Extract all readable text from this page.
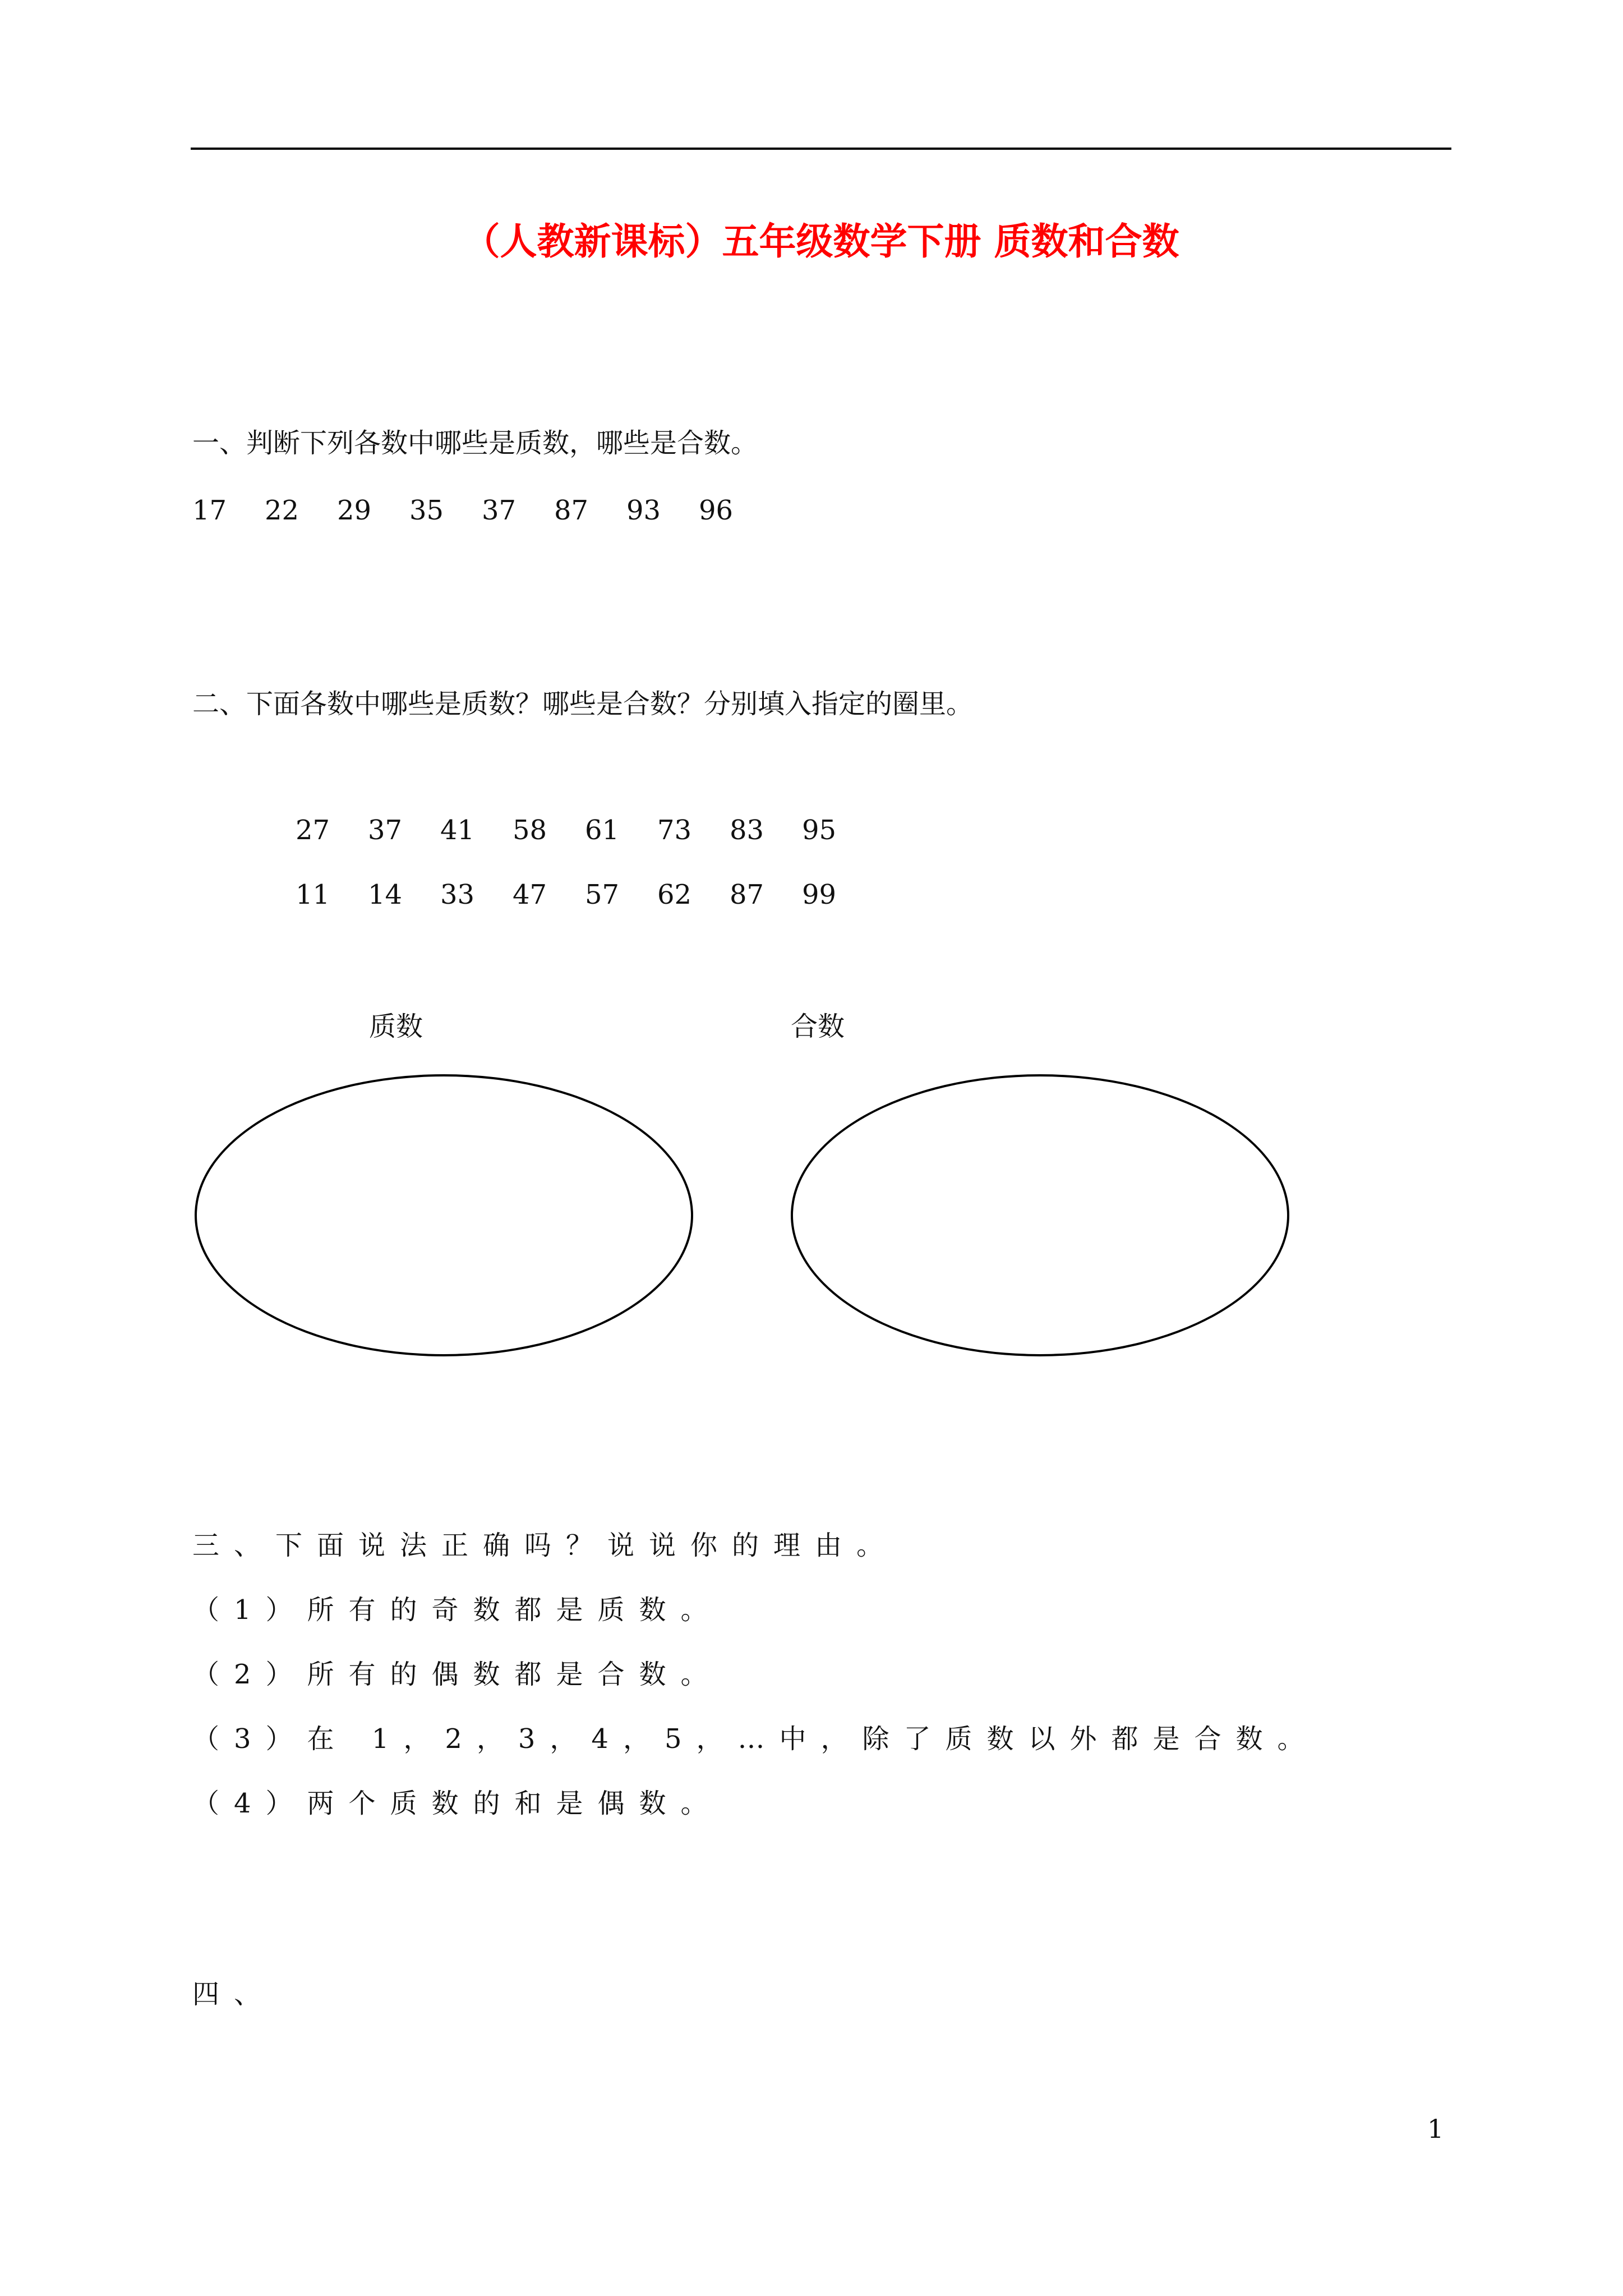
（人教新课标）五年级数学下册 质数和合数
一、判断下列各数中哪些是质数，哪些是合数。
17 22 29 35 37 87 93 96
二、下面各数中哪些是质数？哪些是合数？分别填入指定的圈里。
27 37 41 58 61 73 83 95
11 14 33 47 57 62 87 99
质数	合数
三、下面说法正确吗？说说你的理由。
（1）所有的奇数都是质数。
（2）所有的偶数都是合数。
（3）在 1，2，3，4，5，…中，除了质数以外都是合数。
（4）两个质数的和是偶数。
四、
1
